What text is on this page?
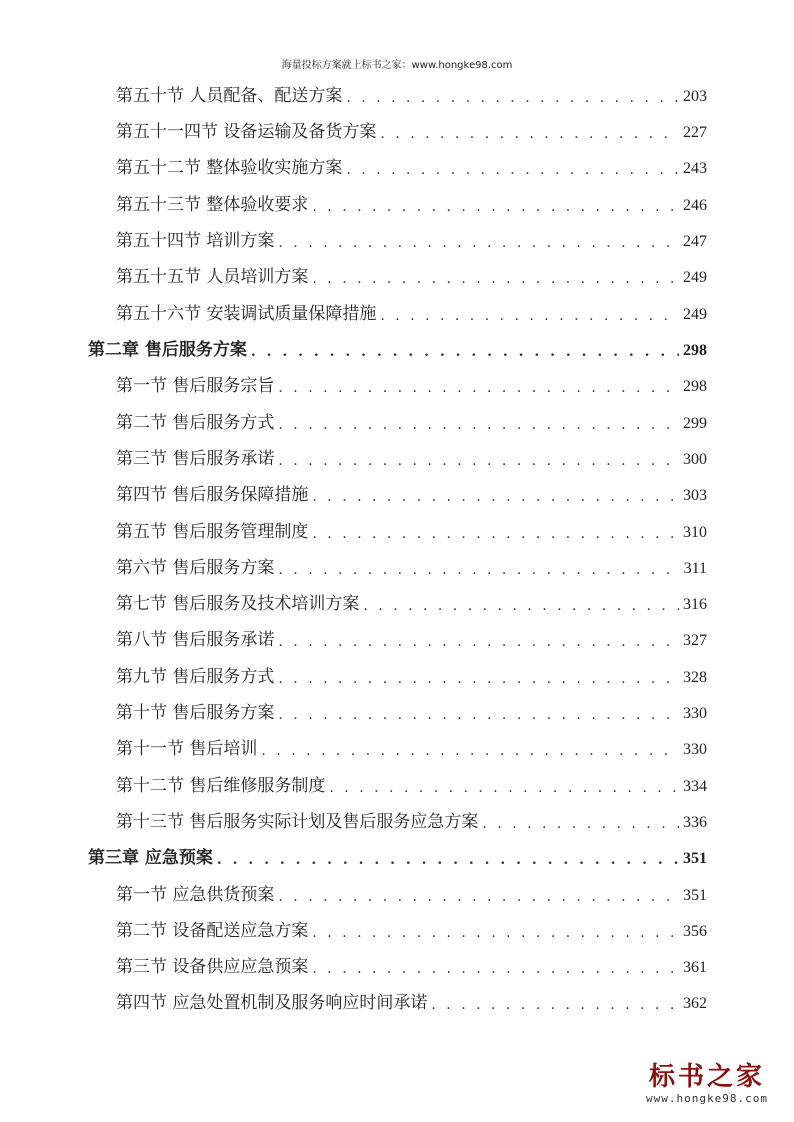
海量投标方案就上标书之家：www.hongke98.com
第五十节 人员配备、配送方案 . . .	203
第五十一四节 设备运输及备货方案 . . .	227
第五十二节 整体验收实施方案 . . .	243
第五十三节 整体验收要求 . . .	246
第五十四节 培训方案 . . .	247
第五十五节 人员培训方案 . . .	249
第五十六节 安装调试质量保障措施 . . .	249
第二章 售后服务方案 . . .	298
第一节 售后服务宗旨 . . .	298
第二节 售后服务方式 . . .	299
第三节 售后服务承诺 . . .	300
第四节 售后服务保障措施 . . .	303
第五节 售后服务管理制度 . . .	310
第六节 售后服务方案 . . .	311
第七节 售后服务及技术培训方案 . . .	316
第八节 售后服务承诺 . . .	327
第九节 售后服务方式 . . .	328
第十节 售后服务方案 . . .	330
第十一节 售后培训 . . .	330
第十二节 售后维修服务制度 . . .	334
第十三节 售后服务实际计划及售后服务应急方案 . . .	336
第三章 应急预案 . . .	351
第一节 应急供货预案 . . .	351
第二节 设备配送应急方案 . . .	356
第三节 设备供应应急预案 . . .	361
第四节 应急处置机制及服务响应时间承诺 . . .	362
标书之家
www.hongke98.com
